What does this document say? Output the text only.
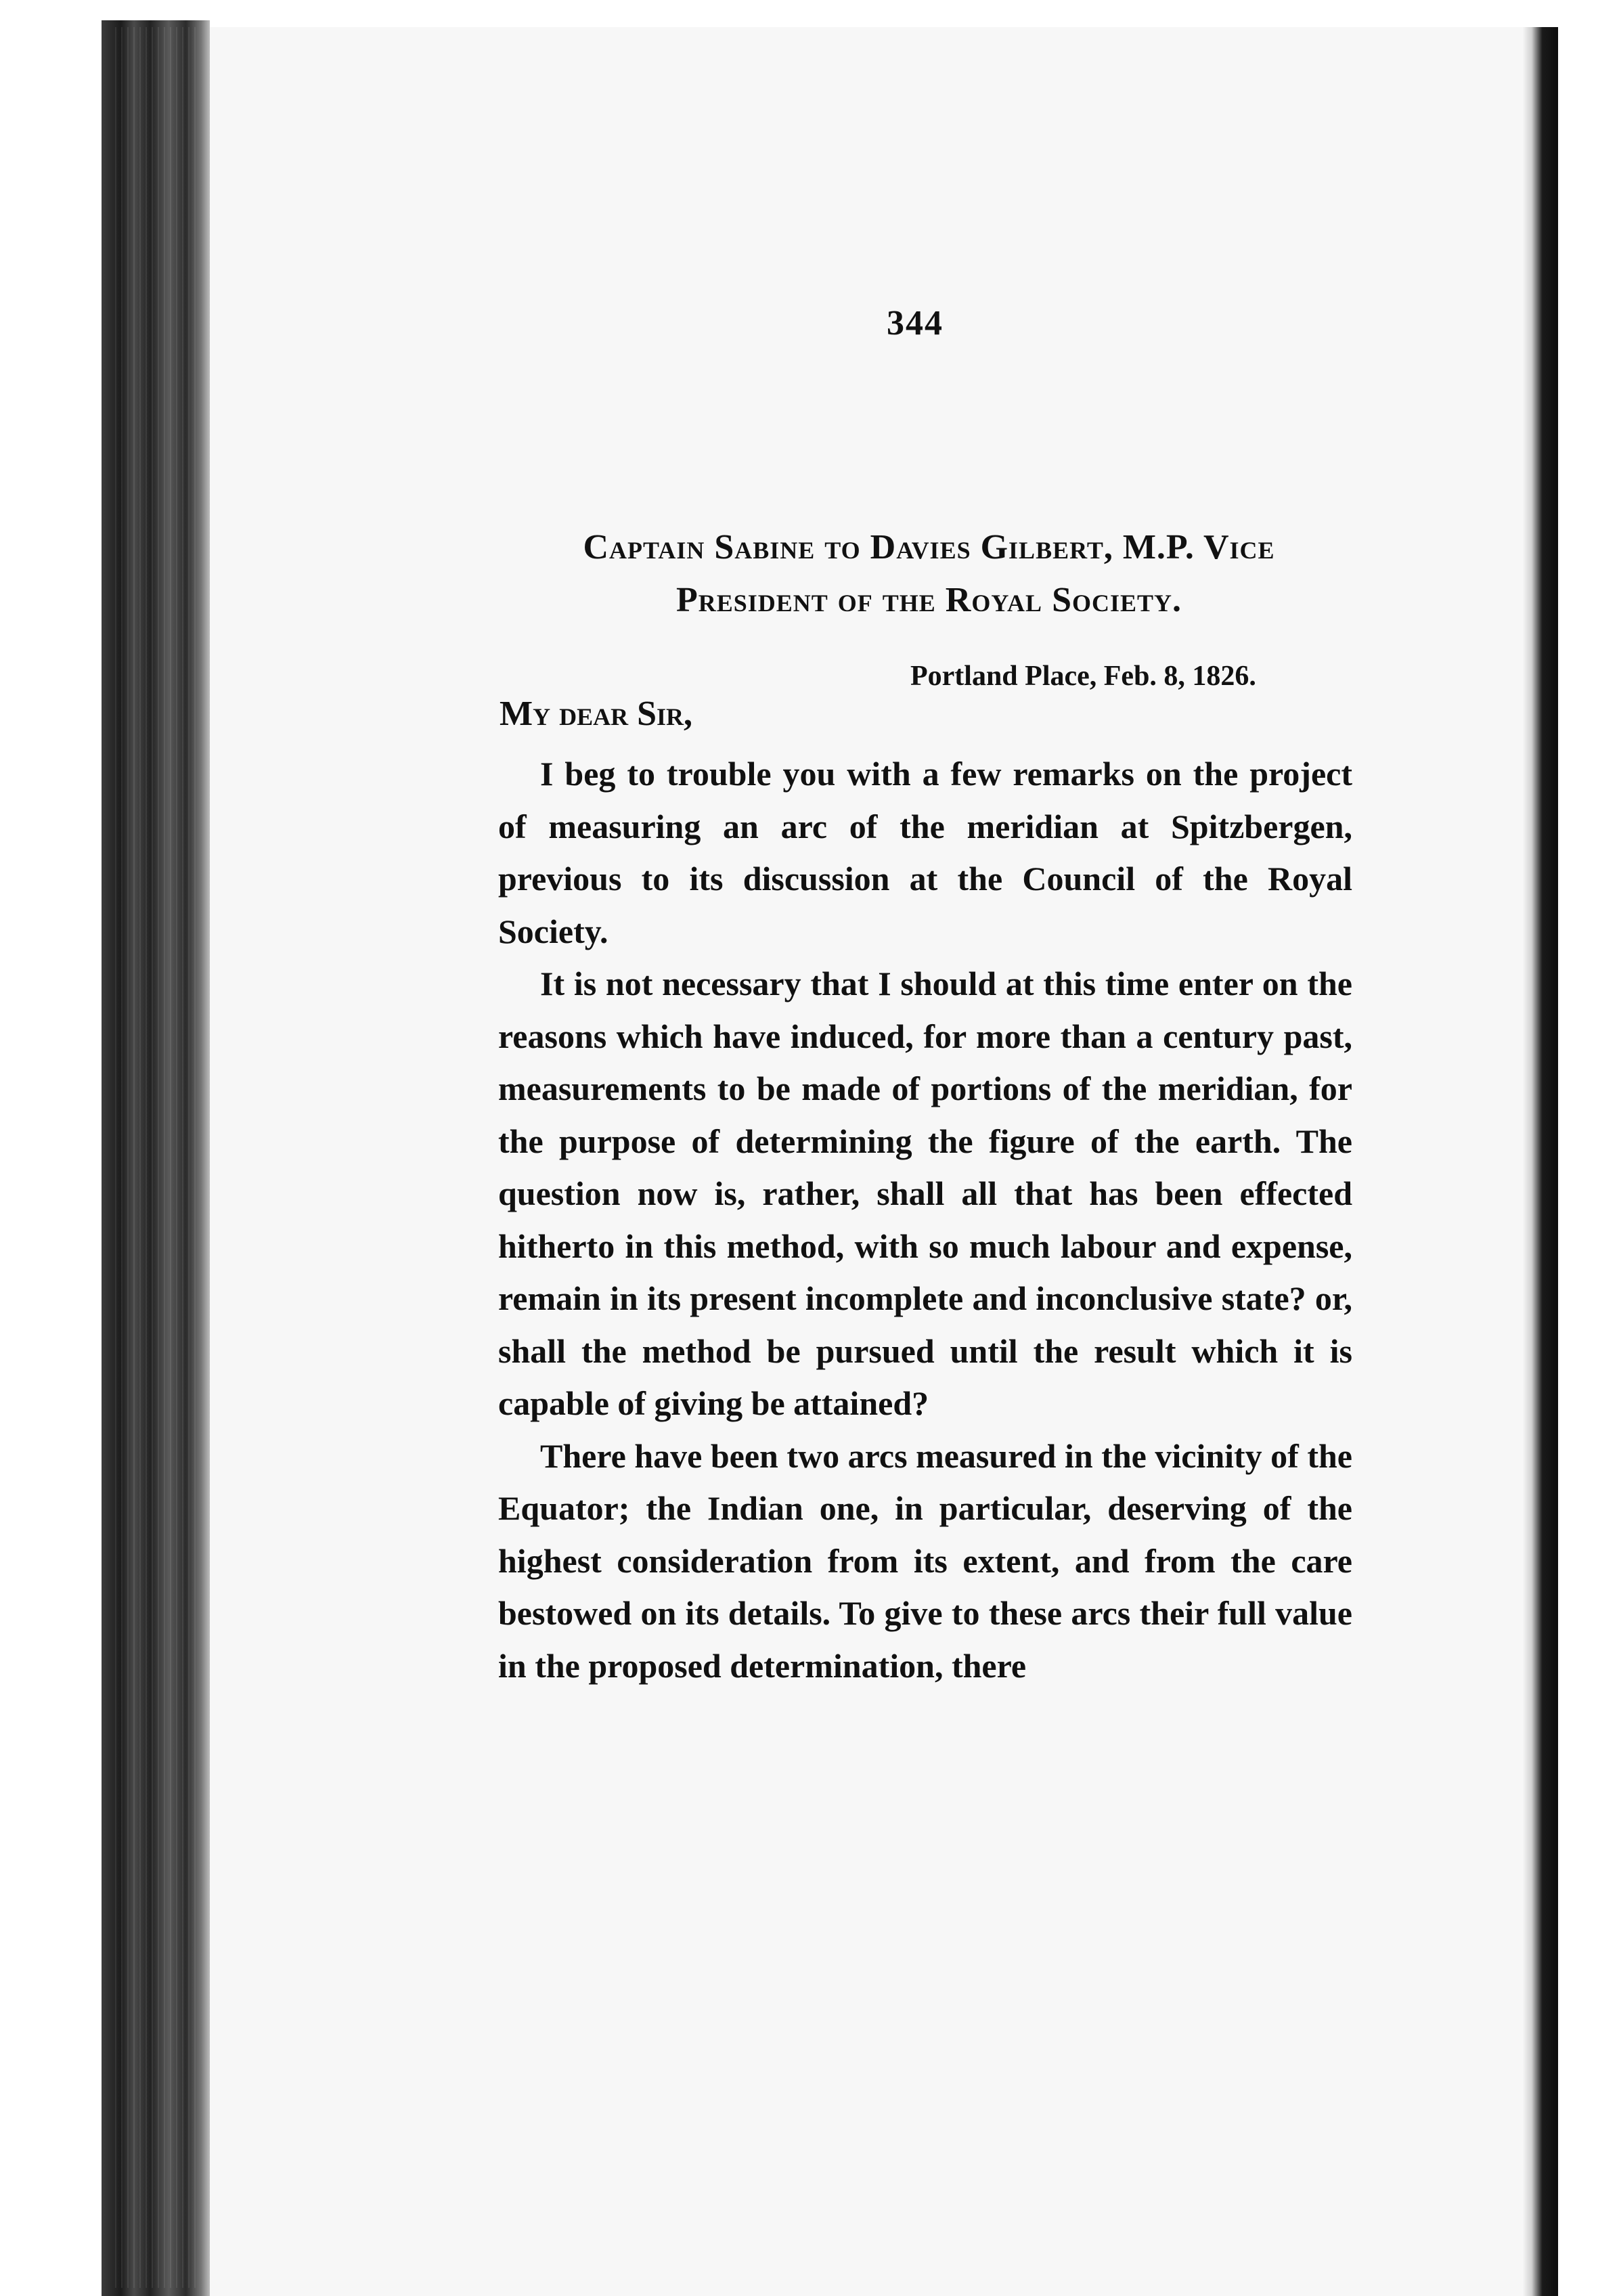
344
Captain Sabine to Davies Gilbert, M.P. Vice
President of the Royal Society.
Portland Place, Feb. 8, 1826.
My dear Sir,

I beg to trouble you with a few remarks on the project of measuring an arc of the meridian at Spitzbergen, previous to its discussion at the Council of the Royal Society.

It is not necessary that I should at this time enter on the reasons which have induced, for more than a century past, measurements to be made of portions of the meridian, for the purpose of determining the figure of the earth. The question now is, rather, shall all that has been effected hitherto in this method, with so much labour and expense, remain in its present incomplete and inconclusive state? or, shall the method be pursued until the result which it is capable of giving be attained?

There have been two arcs measured in the vicinity of the Equator; the Indian one, in particular, deserving of the highest consideration from its extent, and from the care bestowed on its details. To give to these arcs their full value in the proposed determination, there
